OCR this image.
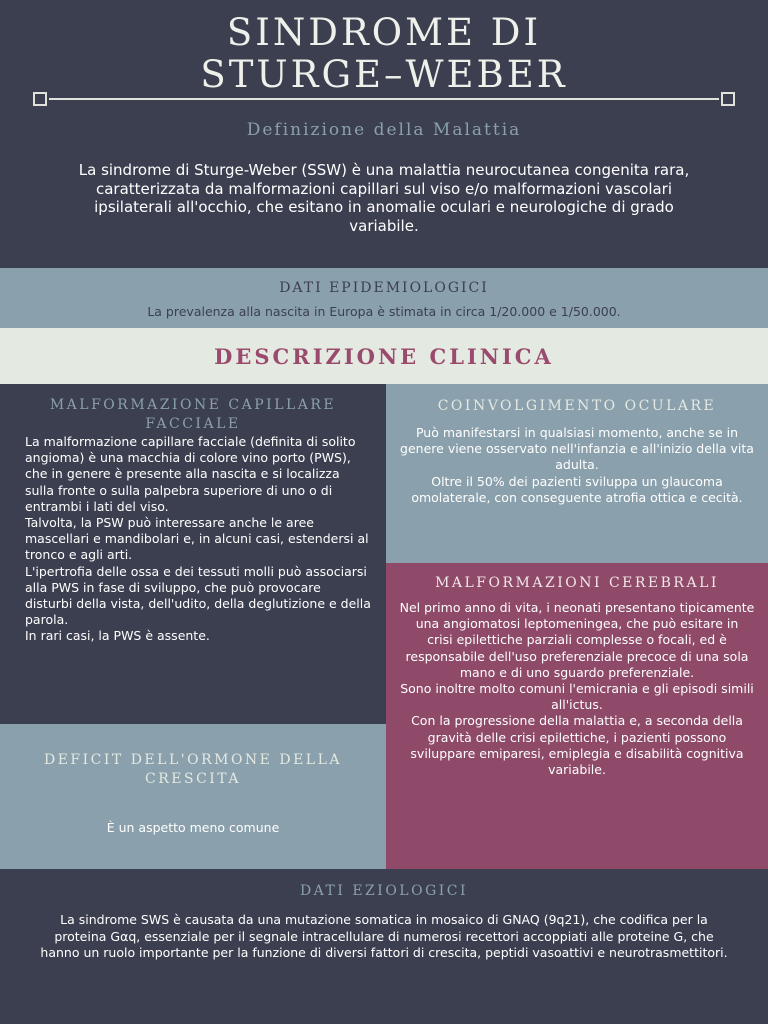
SINDROME DI
STURGE–WEBER
Definizione della Malattia

La sindrome di Sturge-Weber (SSW) è una malattia neurocutanea congenita rara, caratterizzata da malformazioni capillari sul viso e/o malformazioni vascolari ipsilaterali all'occhio, che esitano in anomalie oculari e neurologiche di grado variabile.

DATI EPIDEMIOLOGICI

La prevalenza alla nascita in Europa è stimata in circa 1/20.000 e 1/50.000.

DESCRIZIONE CLINICA
MALFORMAZIONE CAPILLARE FACCIALE

La malformazione capillare facciale (definita di solito angioma) è una macchia di colore vino porto (PWS), che in genere è presente alla nascita e si localizza sulla fronte o sulla palpebra superiore di uno o di entrambi i lati del viso.
Talvolta, la PSW può interessare anche le aree mascellari e mandibolari e, in alcuni casi, estendersi al tronco e agli arti.
L'ipertrofia delle ossa e dei tessuti molli può associarsi alla PWS in fase di sviluppo, che può provocare disturbi della vista, dell'udito, della deglutizione e della parola.
In rari casi, la PWS è assente.

COINVOLGIMENTO OCULARE

Può manifestarsi in qualsiasi momento, anche se in genere viene osservato nell'infanzia e all'inizio della vita adulta.
Oltre il 50% dei pazienti sviluppa un glaucoma omolaterale, con conseguente atrofia ottica e cecità.

MALFORMAZIONI CEREBRALI

Nel primo anno di vita, i neonati presentano tipicamente una angiomatosi leptomeningea, che può esitare in
crisi epilettiche parziali complesse o focali, ed è responsabile dell'uso preferenziale precoce di una sola mano e di uno sguardo preferenziale.
Sono inoltre molto comuni l'emicrania e gli episodi simili all'ictus.
Con la progressione della malattia e, a seconda della gravità delle crisi epilettiche, i pazienti possono sviluppare emiparesi, emiplegia e disabilità cognitiva variabile.

DEFICIT DELL'ORMONE DELLA CRESCITA

È un aspetto meno comune

DATI EZIOLOGICI

La sindrome SWS è causata da una mutazione somatica in mosaico di GNAQ (9q21), che codifica per la proteina Gαq, essenziale per il segnale intracellulare di numerosi recettori accoppiati alle proteine G, che hanno un ruolo importante per la funzione di diversi fattori di crescita, peptidi vasoattivi e neurotrasmettitori.
